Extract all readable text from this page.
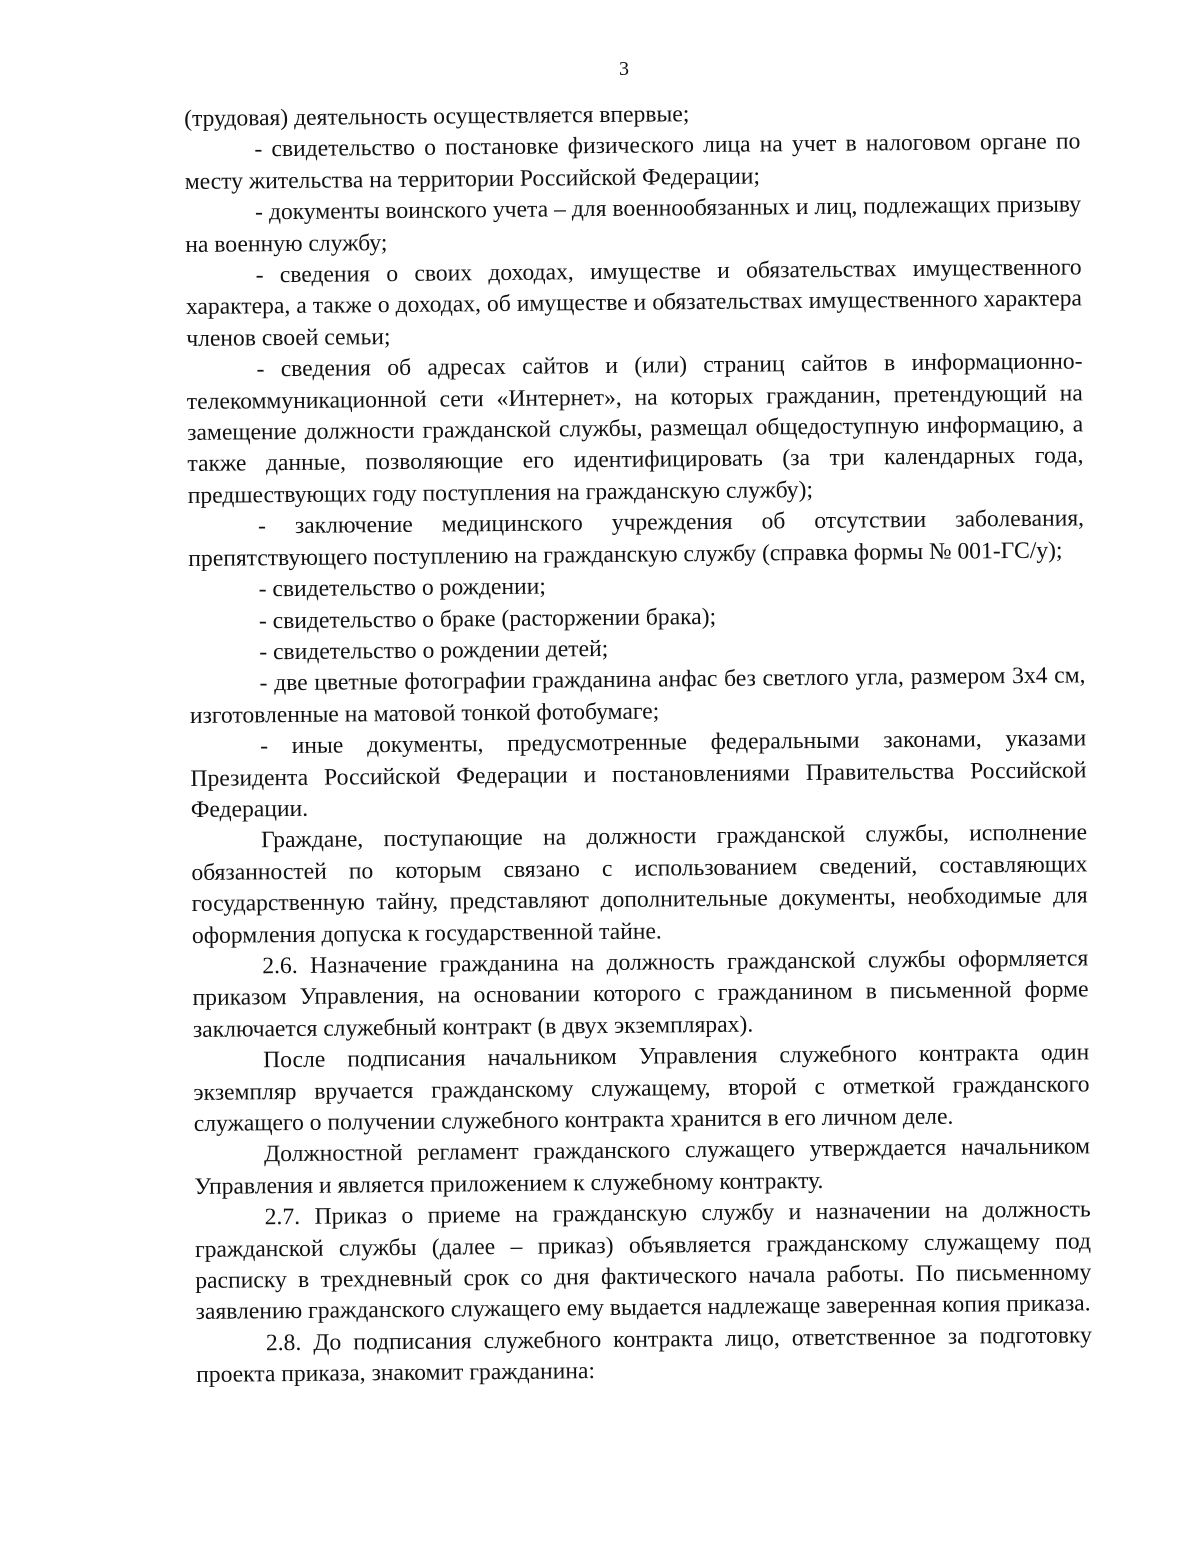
3

(трудовая) деятельность осуществляется впервые;

- свидетельство о постановке физического лица на учет в налоговом органе по месту жительства на территории Российской Федерации;

- документы воинского учета – для военнообязанных и лиц, подлежащих призыву на военную службу;

- сведения о своих доходах, имуществе и обязательствах имущественного характера, а также о доходах, об имуществе и обязательствах имущественного характера членов своей семьи;

- сведения об адресах сайтов и (или) страниц сайтов в информационно-телекоммуникационной сети «Интернет», на которых гражданин, претендующий на замещение должности гражданской службы, размещал общедоступную информацию, а также данные, позволяющие его идентифицировать (за три календарных года, предшествующих году поступления на гражданскую службу);

- заключение медицинского учреждения об отсутствии заболевания, препятствующего поступлению на гражданскую службу (справка формы № 001-ГС/у);

- свидетельство о рождении;

- свидетельство о браке (расторжении брака);

- свидетельство о рождении детей;

- две цветные фотографии гражданина анфас без светлого угла, размером 3x4 см, изготовленные на матовой тонкой фотобумаге;

- иные документы, предусмотренные федеральными законами, указами Президента Российской Федерации и постановлениями Правительства Российской Федерации.

Граждане, поступающие на должности гражданской службы, исполнение обязанностей по которым связано с использованием сведений, составляющих государственную тайну, представляют дополнительные документы, необходимые для оформления допуска к государственной тайне.

2.6. Назначение гражданина на должность гражданской службы оформляется приказом Управления, на основании которого с гражданином в письменной форме заключается служебный контракт (в двух экземплярах).

После подписания начальником Управления служебного контракта один экземпляр вручается гражданскому служащему, второй с отметкой гражданского служащего о получении служебного контракта хранится в его личном деле.

Должностной регламент гражданского служащего утверждается начальником Управления и является приложением к служебному контракту.

2.7. Приказ о приеме на гражданскую службу и назначении на должность гражданской службы (далее – приказ) объявляется гражданскому служащему под расписку в трехдневный срок со дня фактического начала работы. По письменному заявлению гражданского служащего ему выдается надлежаще заверенная копия приказа.

2.8. До подписания служебного контракта лицо, ответственное за подготовку проекта приказа, знакомит гражданина:
